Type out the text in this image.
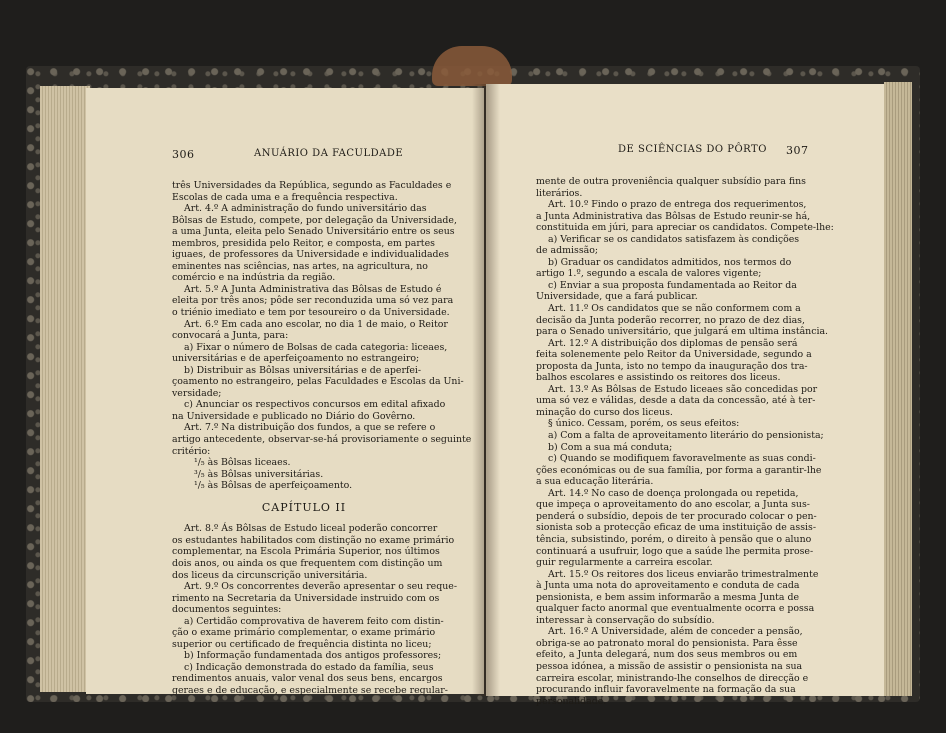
306	ANUÁRIO DA FACULDADE
três Universidades da República, segundo as Faculdades e
Escolas de cada uma e a frequência respectiva.
Art. 4.º A administração do fundo universitário das
Bôlsas de Estudo, compete, por delegação da Universidade,
a uma Junta, eleita pelo Senado Universitário entre os seus
membros, presidida pelo Reitor, e composta, em partes
iguaes, de professores da Universidade e individualidades
eminentes nas sciências, nas artes, na agricultura, no
comércio e na indústria da região.
Art. 5.º A Junta Administrativa das Bôlsas de Estudo é
eleita por três anos; pôde ser reconduzida uma só vez para
o triénio imediato e tem por tesoureiro o da Universidade.
Art. 6.º Em cada ano escolar, no dia 1 de maio, o Reitor
convocará a Junta, para:
a) Fixar o número de Bolsas de cada categoria: liceaes,
universitárias e de aperfeiçoamento no estrangeiro;
b) Distribuir as Bôlsas universitárias e de aperfei-
çoamento no estrangeiro, pelas Faculdades e Escolas da Uni-
versidade;
c) Anunciar os respectivos concursos em edital afixado
na Universidade e publicado no Diário do Govêrno.
Art. 7.º Na distribuição dos fundos, a que se refere o
artigo antecedente, observar-se-há provisoriamente o seguinte
critério:
¹/₅ às Bôlsas liceaes.
³/₅ às Bôlsas universitárias.
¹/₅ às Bôlsas de aperfeiçoamento.
CAPÍTULO II
Art. 8.º Ás Bôlsas de Estudo liceal poderão concorrer
os estudantes habilitados com distinção no exame primário
complementar, na Escola Primária Superior, nos últimos
dois anos, ou ainda os que frequentem com distinção um
dos liceus da circunscrição universitária.
Art. 9.º Os concorrentes deverão apresentar o seu reque-
rimento na Secretaria da Universidade instruido com os
documentos seguintes:
a) Certidão comprovativa de haverem feito com distin-
ção o exame primário complementar, o exame primário
superior ou certificado de frequência distinta no liceu;
b) Informação fundamentada dos antigos professores;
c) Indicação demonstrada do estado da família, seus
rendimentos anuais, valor venal dos seus bens, encargos
geraes e de educação, e especialmente se recebe regular-
DE SCIÊNCIAS DO PÔRTO 307
mente de outra proveniência qualquer subsídio para fins
literários.
Art. 10.º Findo o prazo de entrega dos requerimentos,
a Junta Administrativa das Bôlsas de Estudo reunir-se há,
constituida em júri, para apreciar os candidatos. Compete-lhe:
a) Verificar se os candidatos satisfazem às condições
de admissão;
b) Graduar os candidatos admitidos, nos termos do
artigo 1.º, segundo a escala de valores vigente;
c) Enviar a sua proposta fundamentada ao Reitor da
Universidade, que a fará publicar.
Art. 11.º Os candidatos que se não conformem com a
decisão da Junta poderão recorrer, no prazo de dez dias,
para o Senado universitário, que julgará em ultima instância.
Art. 12.º A distribuição dos diplomas de pensão será
feita solenemente pelo Reitor da Universidade, segundo a
proposta da Junta, isto no tempo da inauguração dos tra-
balhos escolares e assistindo os reitores dos liceus.
Art. 13.º As Bôlsas de Estudo liceaes são concedidas por
uma só vez e válidas, desde a data da concessão, até à ter-
minação do curso dos liceus.
§ único. Cessam, porém, os seus efeitos:
a) Com a falta de aproveitamento literário do pensionista;
b) Com a sua má conduta;
c) Quando se modifiquem favoravelmente as suas condi-
ções económicas ou de sua família, por forma a garantir-lhe
a sua educação literária.
Art. 14.º No caso de doença prolongada ou repetida,
que impeça o aproveitamento do ano escolar, a Junta sus-
penderá o subsídio, depois de ter procurado colocar o pen-
sionista sob a protecção eficaz de uma instituição de assis-
tência, subsistindo, porém, o direito à pensão que o aluno
continuará a usufruir, logo que a saúde lhe permita prose-
guir regularmente a carreira escolar.
Art. 15.º Os reitores dos liceus enviarão trimestralmente
à Junta uma nota do aproveitamento e conduta de cada
pensionista, e bem assim informarão a mesma Junta de
qualquer facto anormal que eventualmente ocorra e possa
interessar à conservação do subsídio.
Art. 16.º A Universidade, além de conceder a pensão,
obriga-se ao patronato moral do pensionista. Para êsse
efeito, a Junta delegará, num dos seus membros ou em
pessoa idónea, a missão de assistir o pensionista na sua
carreira escolar, ministrando-lhe conselhos de direcção e
procurando influir favoravelmente na formação da sua
personalidade.
